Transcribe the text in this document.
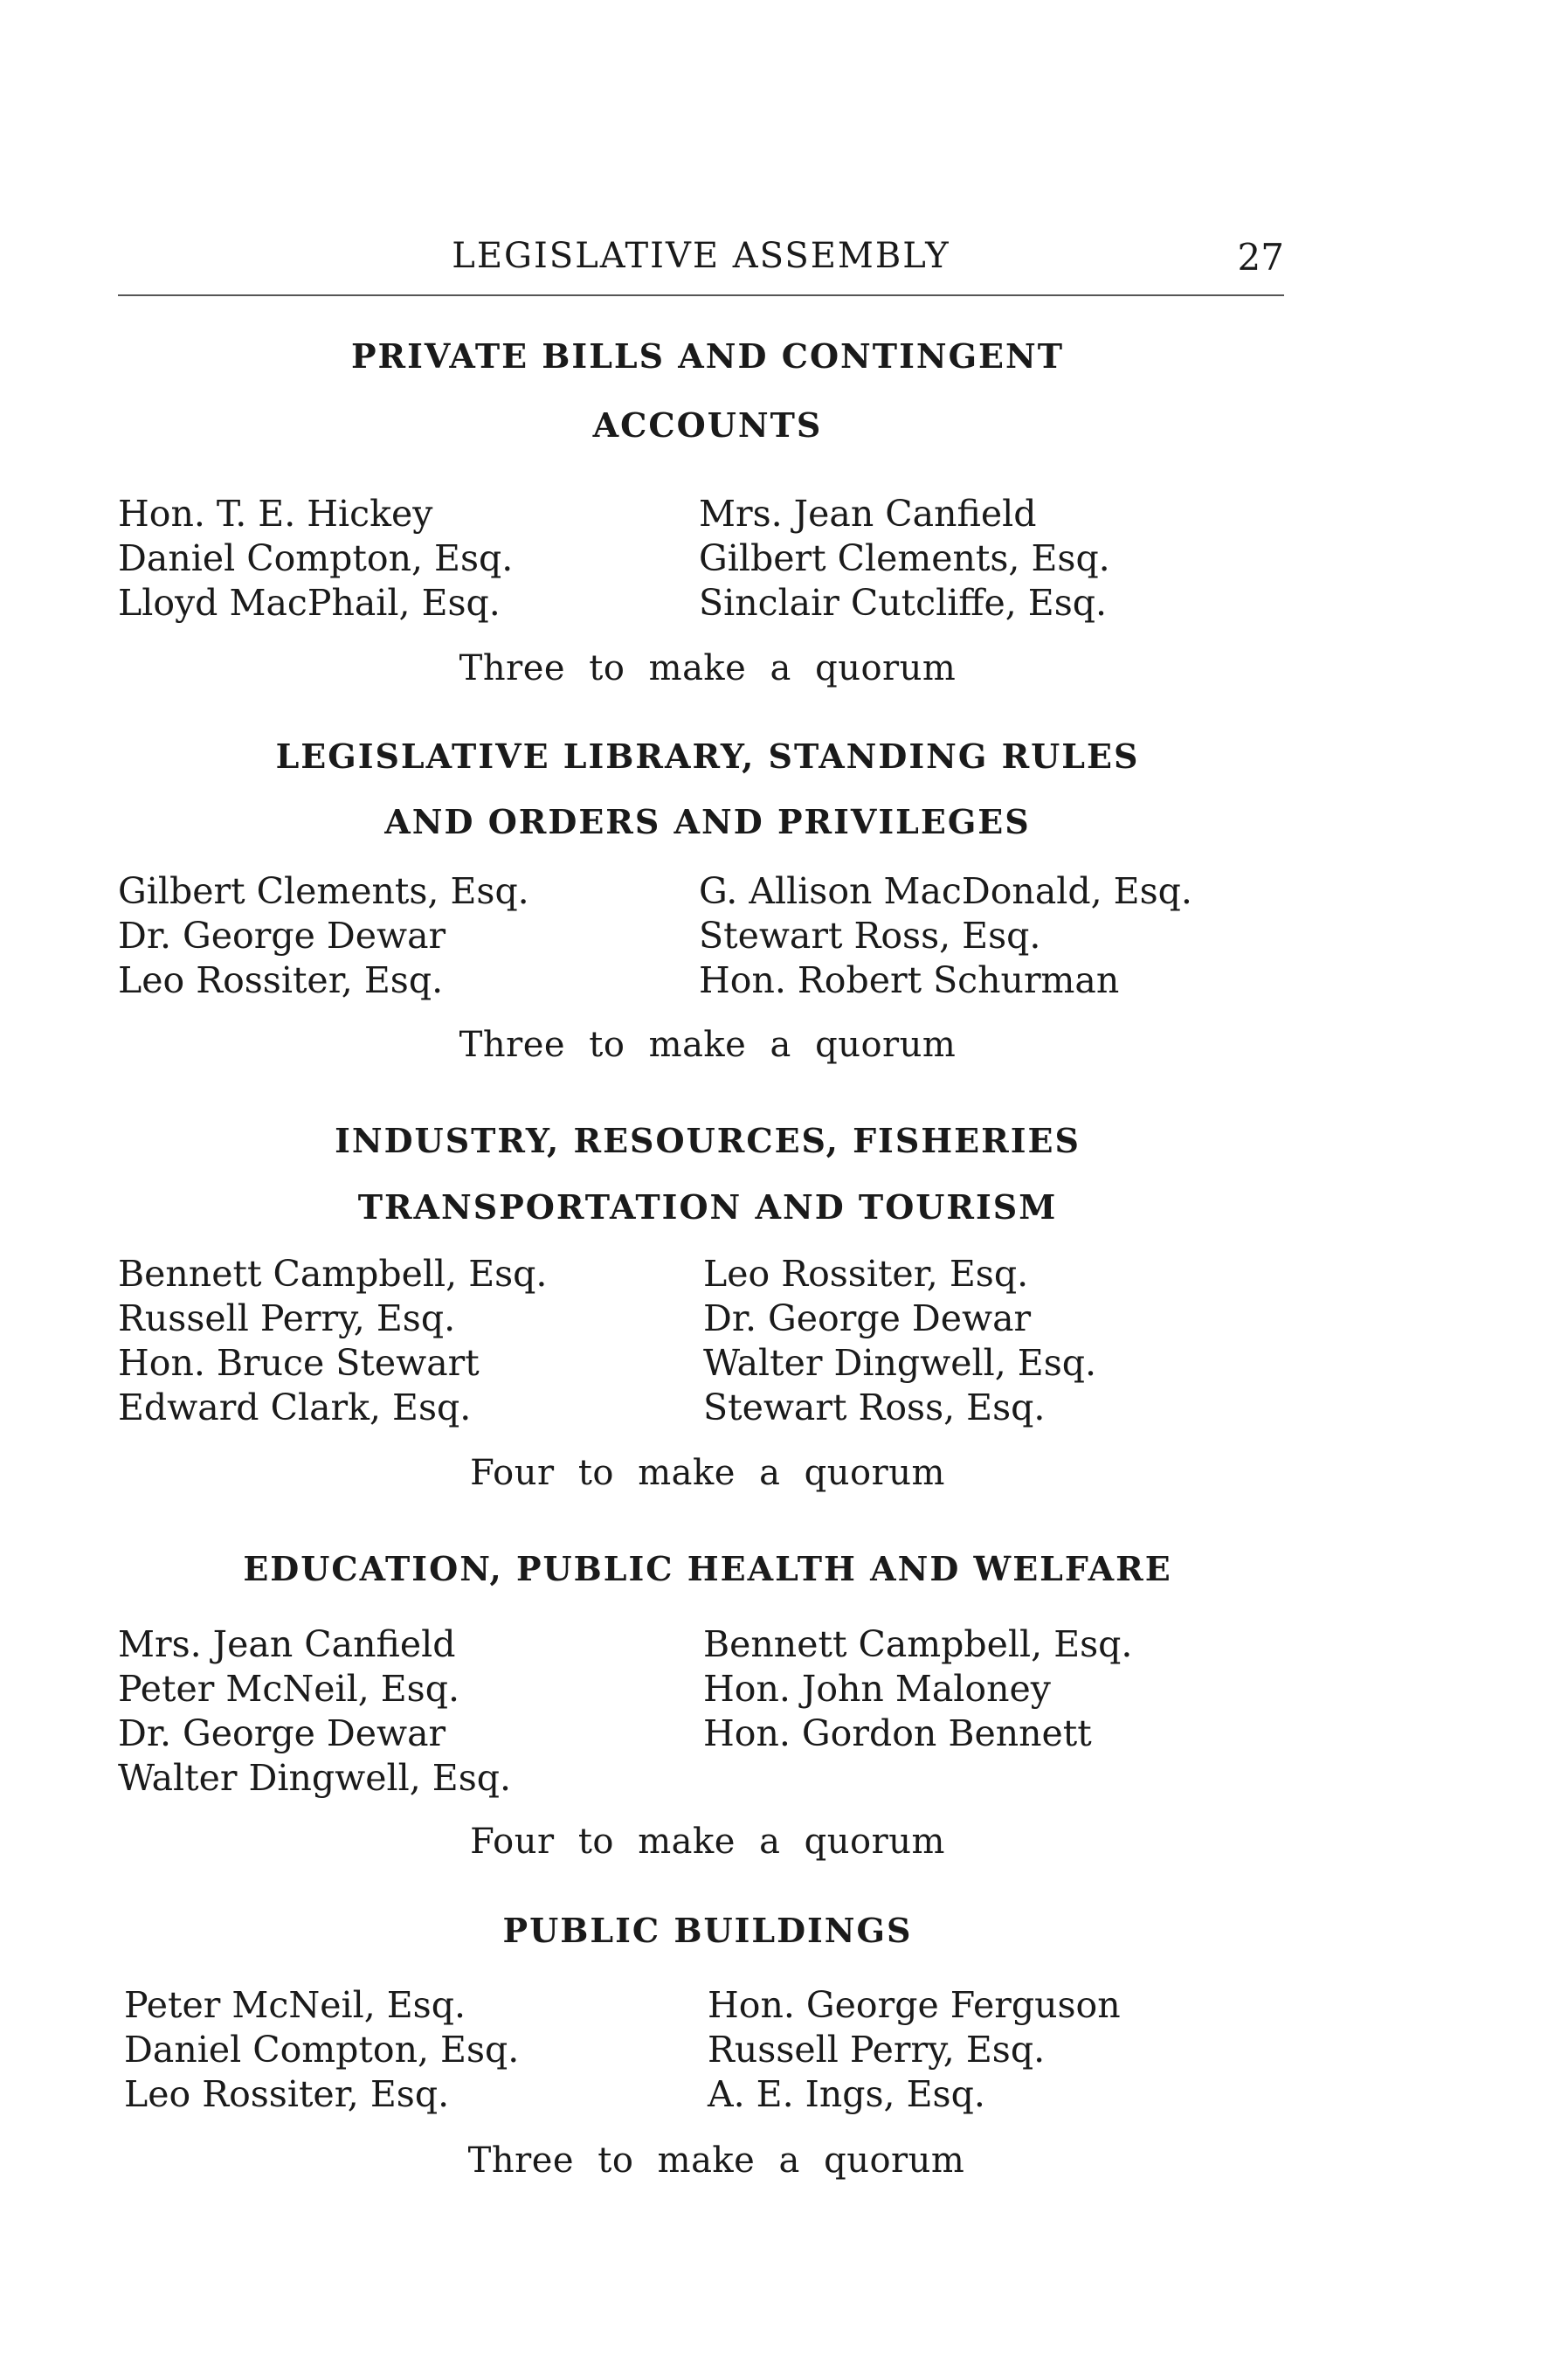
LEGISLATIVE ASSEMBLY	27
PRIVATE BILLS AND CONTINGENT
ACCOUNTS
Hon. T. E. Hickey
Daniel Compton, Esq.
Lloyd MacPhail, Esq.
Mrs. Jean Canfield
Gilbert Clements, Esq.
Sinclair Cutcliffe, Esq.
Three to make a quorum
LEGISLATIVE LIBRARY, STANDING RULES
AND ORDERS AND PRIVILEGES
Gilbert Clements, Esq.
Dr. George Dewar
Leo Rossiter, Esq.
G. Allison MacDonald, Esq.
Stewart Ross, Esq.
Hon. Robert Schurman
Three to make a quorum
INDUSTRY, RESOURCES, FISHERIES
TRANSPORTATION AND TOURISM
Bennett Campbell, Esq.
Russell Perry, Esq.
Hon. Bruce Stewart
Edward Clark, Esq.
Leo Rossiter, Esq.
Dr. George Dewar
Walter Dingwell, Esq.
Stewart Ross, Esq.
Four to make a quorum
EDUCATION, PUBLIC HEALTH AND WELFARE
Mrs. Jean Canfield
Peter McNeil, Esq.
Dr. George Dewar
Walter Dingwell, Esq.
Bennett Campbell, Esq.
Hon. John Maloney
Hon. Gordon Bennett
Four to make a quorum
PUBLIC BUILDINGS
Peter McNeil, Esq.
Daniel Compton, Esq.
Leo Rossiter, Esq.
Hon. George Ferguson
Russell Perry, Esq.
A. E. Ings, Esq.
Three to make a quorum
